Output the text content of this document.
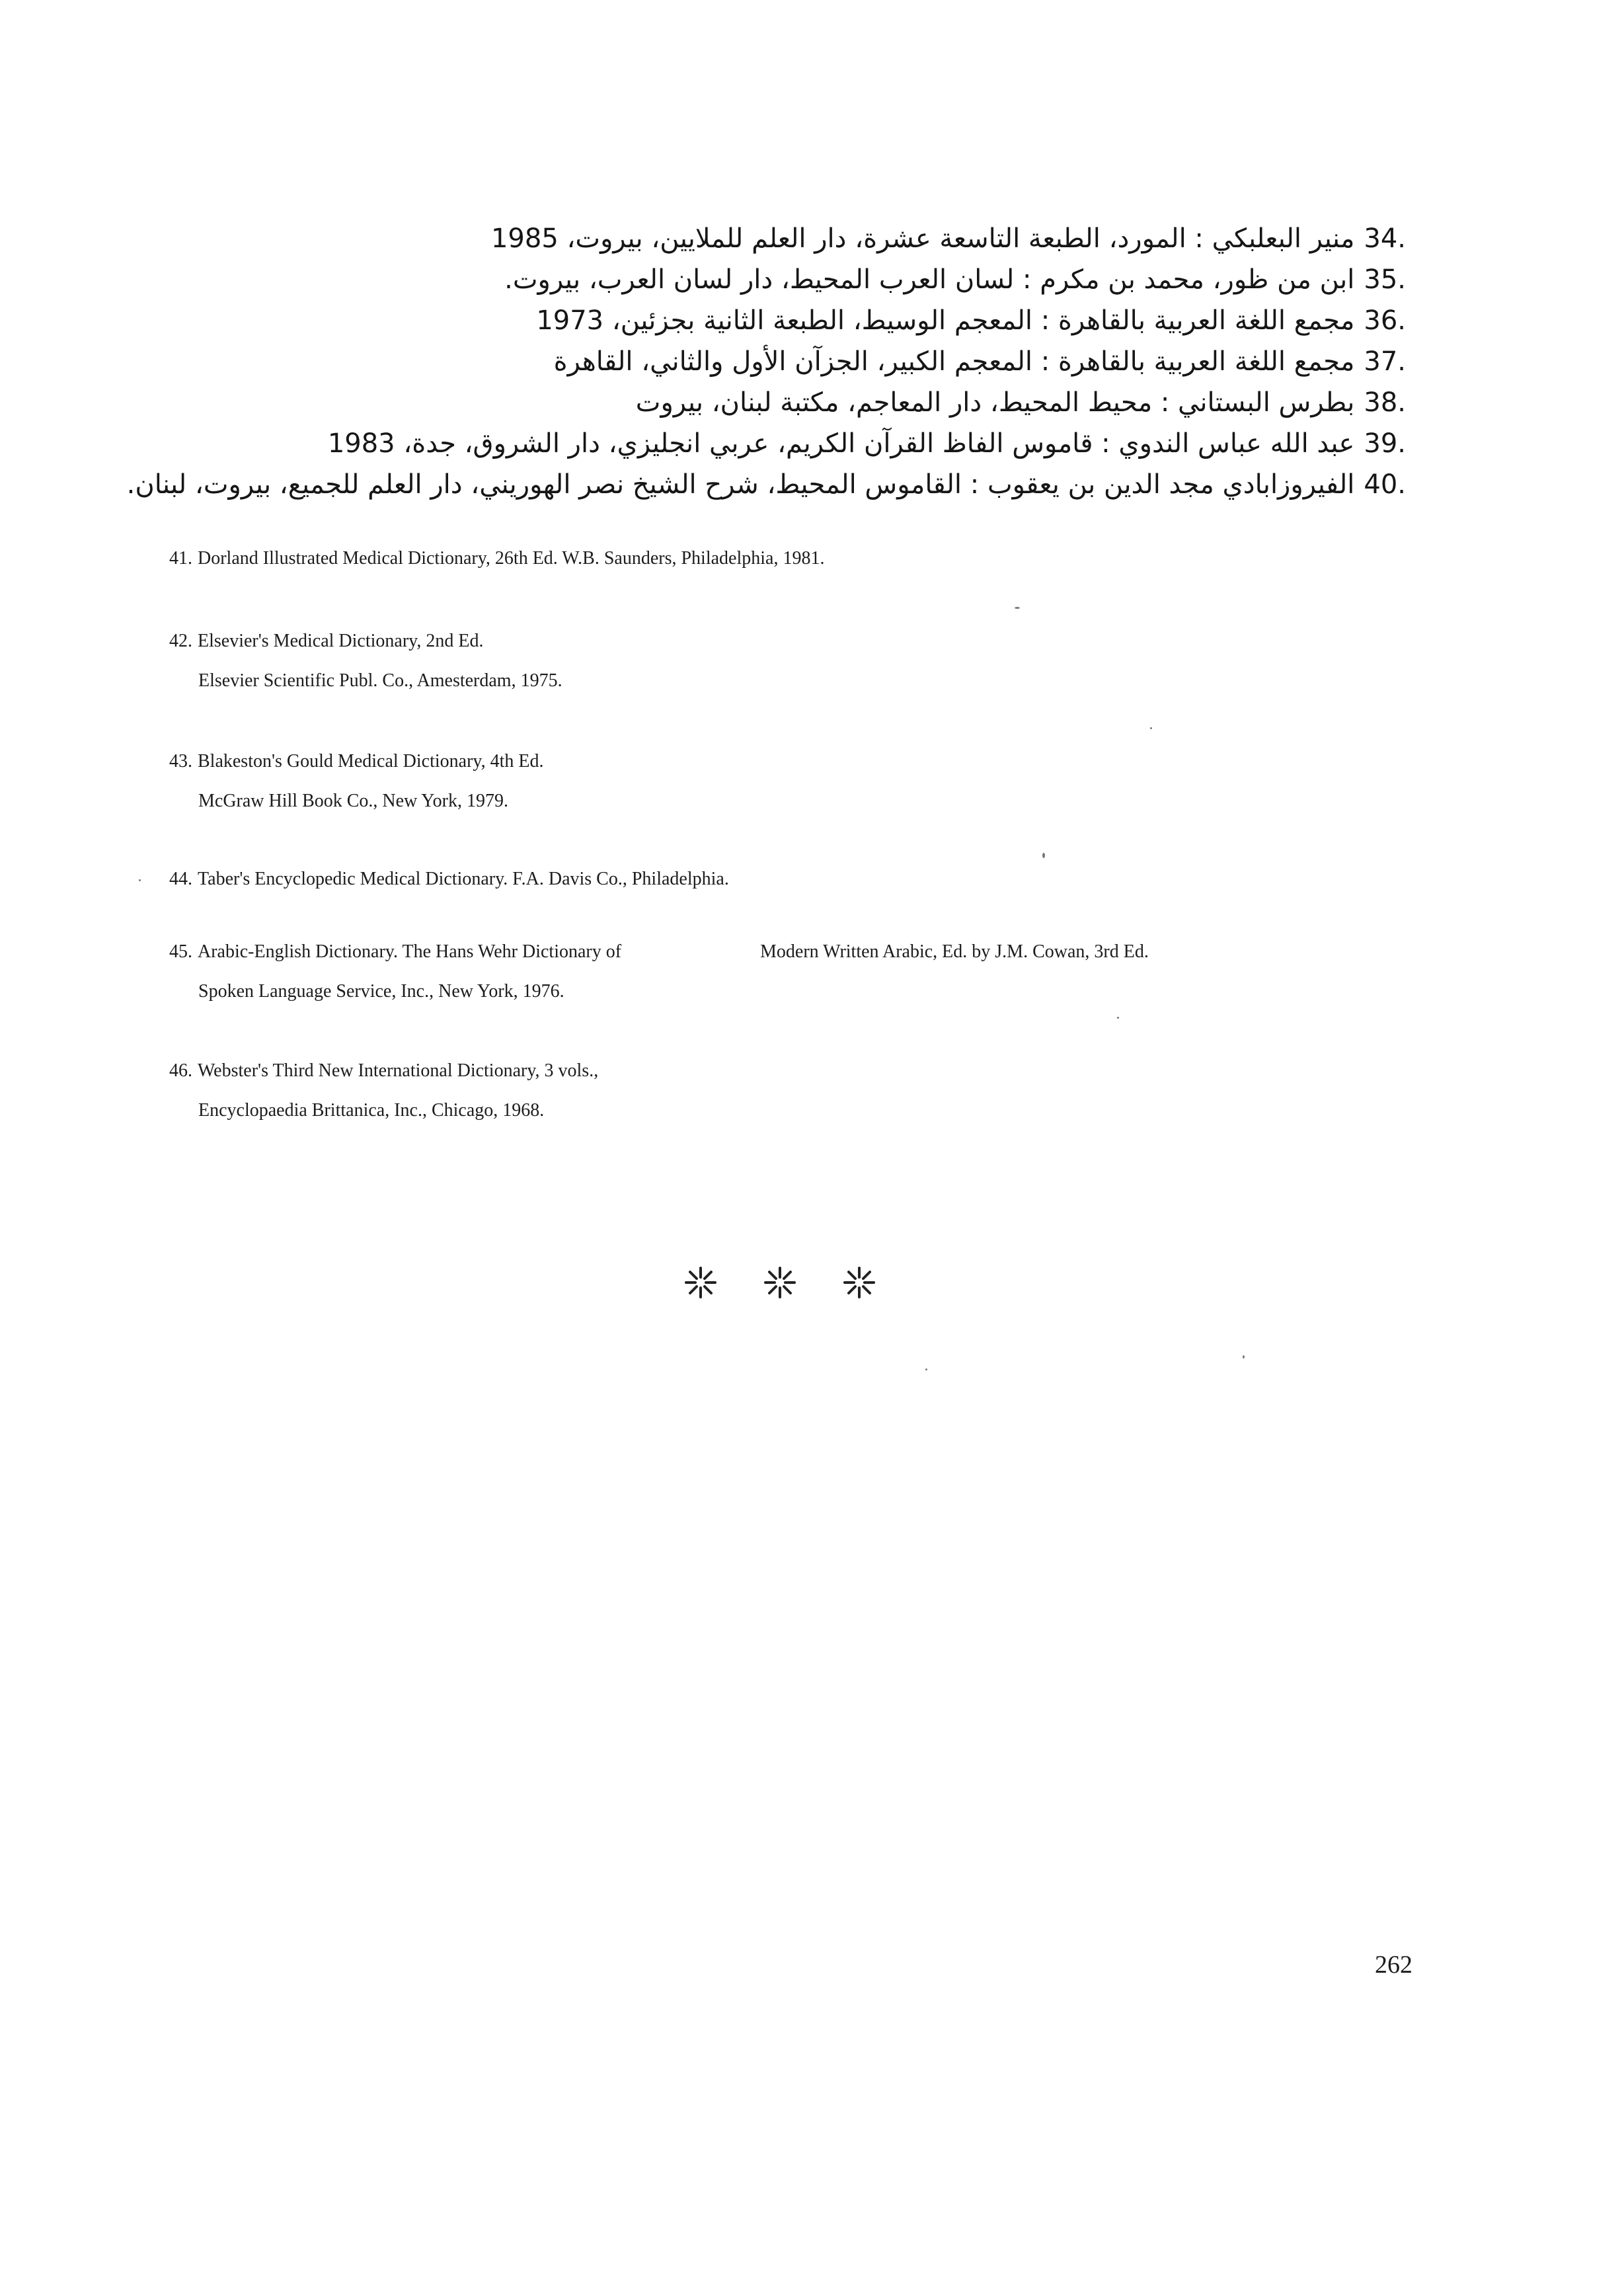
34.منير البعلبكي : المورد، الطبعة التاسعة عشرة، دار العلم للملايين، بيروت، 1985
35.ابن من ظور، محمد بن مكرم : لسان العرب المحيط، دار لسان العرب، بيروت.
36.مجمع اللغة العربية بالقاهرة : المعجم الوسيط، الطبعة الثانية بجزئين، 1973
37.مجمع اللغة العربية بالقاهرة : المعجم الكبير، الجزآن الأول والثاني، القاهرة
38.بطرس البستاني : محيط المحيط، دار المعاجم، مكتبة لبنان، بيروت
39.عبد الله عباس الندوي : قاموس الفاظ القرآن الكريم، عربي انجليزي، دار الشروق، جدة، 1983
40.الفيروزابادي مجد الدين بن يعقوب : القاموس المحيط، شرح الشيخ نصر الهوريني، دار العلم للجميع، بيروت، لبنان.
41. Dorland Illustrated Medical Dictionary, 26th Ed. W.B. Saunders, Philadelphia, 1981.
42. Elsevier's Medical Dictionary, 2nd Ed.
Elsevier Scientific Publ. Co., Amesterdam, 1975.
43. Blakeston's Gould Medical Dictionary, 4th Ed.
McGraw Hill Book Co., New York, 1979.
44. Taber's Encyclopedic Medical Dictionary. F.A. Davis Co., Philadelphia.
45. Arabic-English Dictionary. The Hans Wehr Dictionary of	Modern Written Arabic, Ed. by J.M. Cowan, 3rd Ed.
Spoken Language Service, Inc., New York, 1976.
46. Webster's Third New International Dictionary, 3 vols.,
Encyclopaedia Brittanica, Inc., Chicago, 1968.
262
